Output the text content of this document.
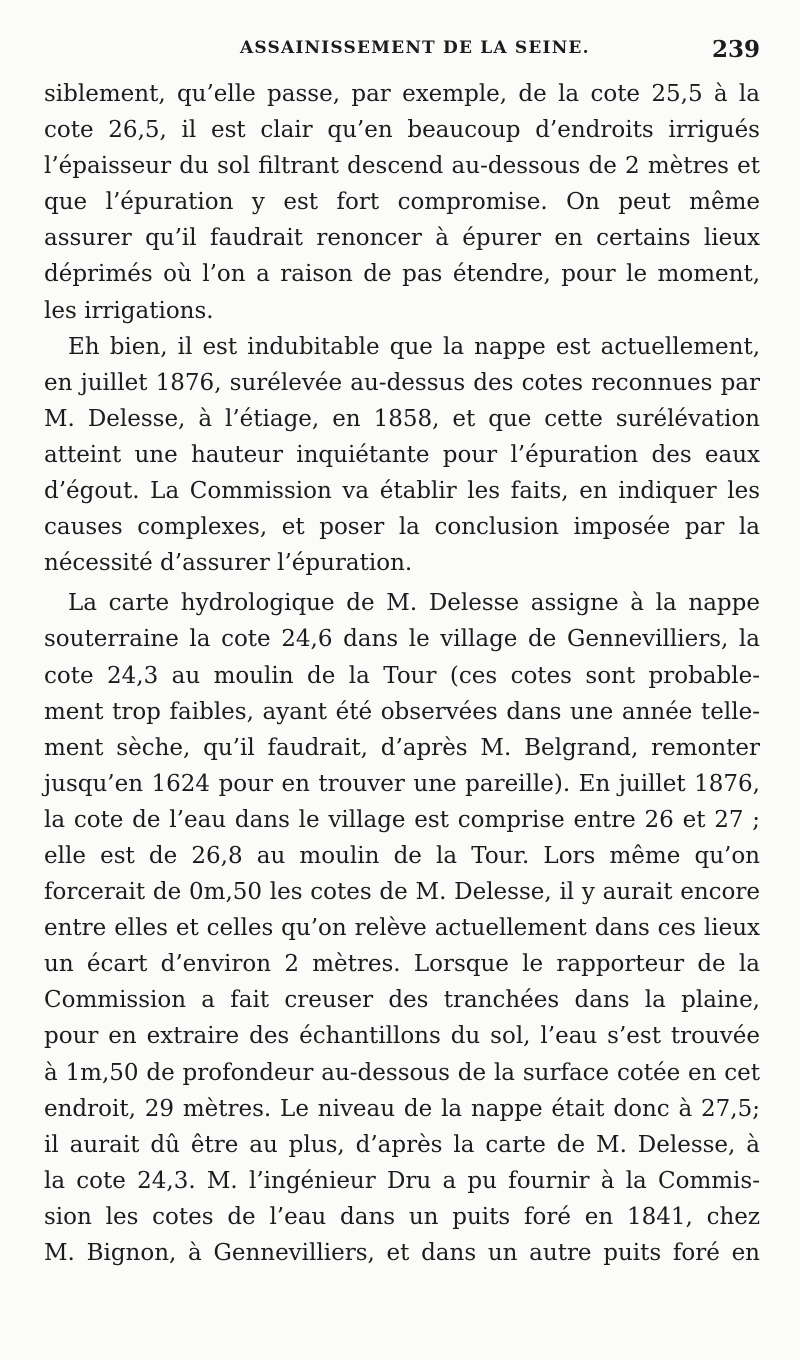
ASSAINISSEMENT DE LA SEINE.	239
siblement, qu’elle passe, par exemple, de la cote 25,5 à la
cote 26,5, il est clair qu’en beaucoup d’endroits irrigués
l’épaisseur du sol filtrant descend au-dessous de 2 mètres et
que l’épuration y est fort compromise. On peut même
assurer qu’il faudrait renoncer à épurer en certains lieux
déprimés où l’on a raison de pas étendre, pour le moment,
les irrigations.
Eh bien, il est indubitable que la nappe est actuellement,
en juillet 1876, surélevée au-dessus des cotes reconnues par
M. Delesse, à l’étiage, en 1858, et que cette surélévation
atteint une hauteur inquiétante pour l’épuration des eaux
d’égout. La Commission va établir les faits, en indiquer les
causes complexes, et poser la conclusion imposée par la
nécessité d’assurer l’épuration.
La carte hydrologique de M. Delesse assigne à la nappe
souterraine la cote 24,6 dans le village de Gennevilliers, la
cote 24,3 au moulin de la Tour (ces cotes sont probable-
ment trop faibles, ayant été observées dans une année telle-
ment sèche, qu’il faudrait, d’après M. Belgrand, remonter
jusqu’en 1624 pour en trouver une pareille). En juillet 1876,
la cote de l’eau dans le village est comprise entre 26 et 27 ;
elle est de 26,8 au moulin de la Tour. Lors même qu’on
forcerait de 0m,50 les cotes de M. Delesse, il y aurait encore
entre elles et celles qu’on relève actuellement dans ces lieux
un écart d’environ 2 mètres. Lorsque le rapporteur de la
Commission a fait creuser des tranchées dans la plaine,
pour en extraire des échantillons du sol, l’eau s’est trouvée
à 1m,50 de profondeur au-dessous de la surface cotée en cet
endroit, 29 mètres. Le niveau de la nappe était donc à 27,5;
il aurait dû être au plus, d’après la carte de M. Delesse, à
la cote 24,3. M. l’ingénieur Dru a pu fournir à la Commis-
sion les cotes de l’eau dans un puits foré en 1841, chez
M. Bignon, à Gennevilliers, et dans un autre puits foré en
